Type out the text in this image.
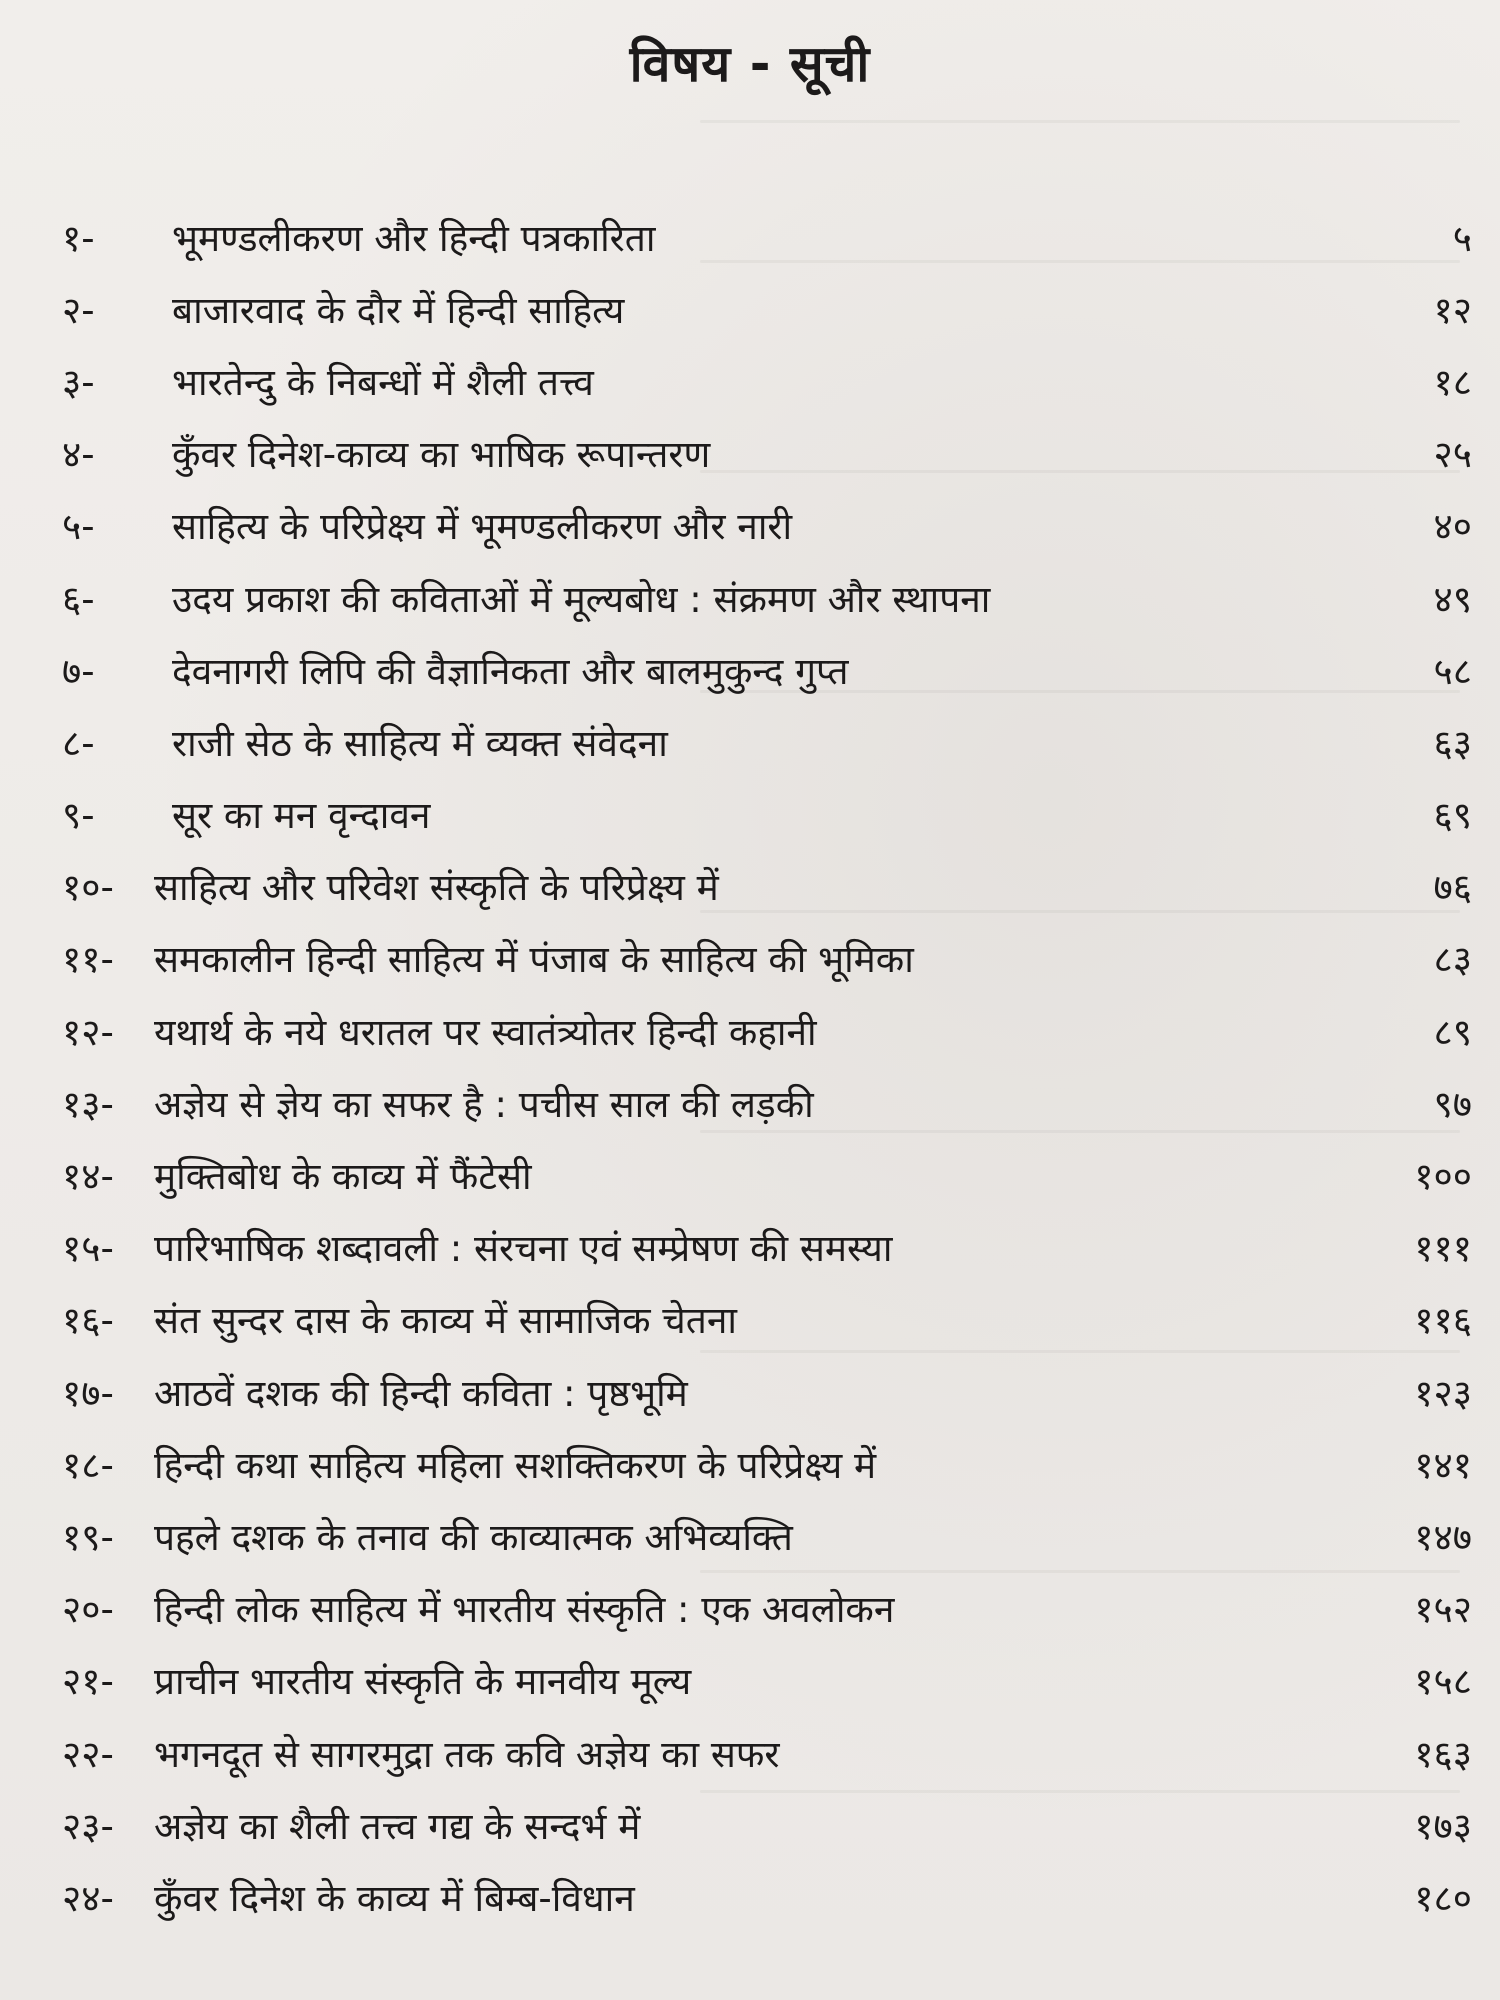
विषय - सूची
१-	भूमण्डलीकरण और हिन्दी पत्रकारिता	५
२-	बाजारवाद के दौर में हिन्दी साहित्य	१२
३-	भारतेन्दु के निबन्धों में शैली तत्त्व	१८
४-	कुँवर दिनेश-काव्य का भाषिक रूपान्तरण	२५
५-	साहित्य के परिप्रेक्ष्य में भूमण्डलीकरण और नारी	४०
६-	उदय प्रकाश की कविताओं में मूल्यबोध : संक्रमण और स्थापना	४९
७-	देवनागरी लिपि की वैज्ञानिकता और बालमुकुन्द गुप्त	५८
८-	राजी सेठ के साहित्य में व्यक्त संवेदना	६३
९-	सूर का मन वृन्दावन	६९
१०-	साहित्य और परिवेश संस्कृति के परिप्रेक्ष्य में	७६
११-	समकालीन हिन्दी साहित्य में पंजाब के साहित्य की भूमिका	८३
१२-	यथार्थ के नये धरातल पर स्वातंत्र्योतर हिन्दी कहानी	८९
१३-	अज्ञेय से ज्ञेय का सफर है : पचीस साल की लड़की	९७
१४-	मुक्तिबोध के काव्य में फैंटेसी	१००
१५-	पारिभाषिक शब्दावली : संरचना एवं सम्प्रेषण की समस्या	१११
१६-	संत सुन्दर दास के काव्य में सामाजिक चेतना	११६
१७-	आठवें दशक की हिन्दी कविता : पृष्ठभूमि	१२३
१८-	हिन्दी कथा साहित्य महिला सशक्तिकरण के परिप्रेक्ष्य में	१४१
१९-	पहले दशक के तनाव की काव्यात्मक अभिव्यक्ति	१४७
२०-	हिन्दी लोक साहित्य में भारतीय संस्कृति : एक अवलोकन	१५२
२१-	प्राचीन भारतीय संस्कृति के मानवीय मूल्य	१५८
२२-	भगनदूत से सागरमुद्रा तक कवि अज्ञेय का सफर	१६३
२३-	अज्ञेय का शैली तत्त्व गद्य के सन्दर्भ में	१७३
२४-	कुँवर दिनेश के काव्य में बिम्ब-विधान	१८०
